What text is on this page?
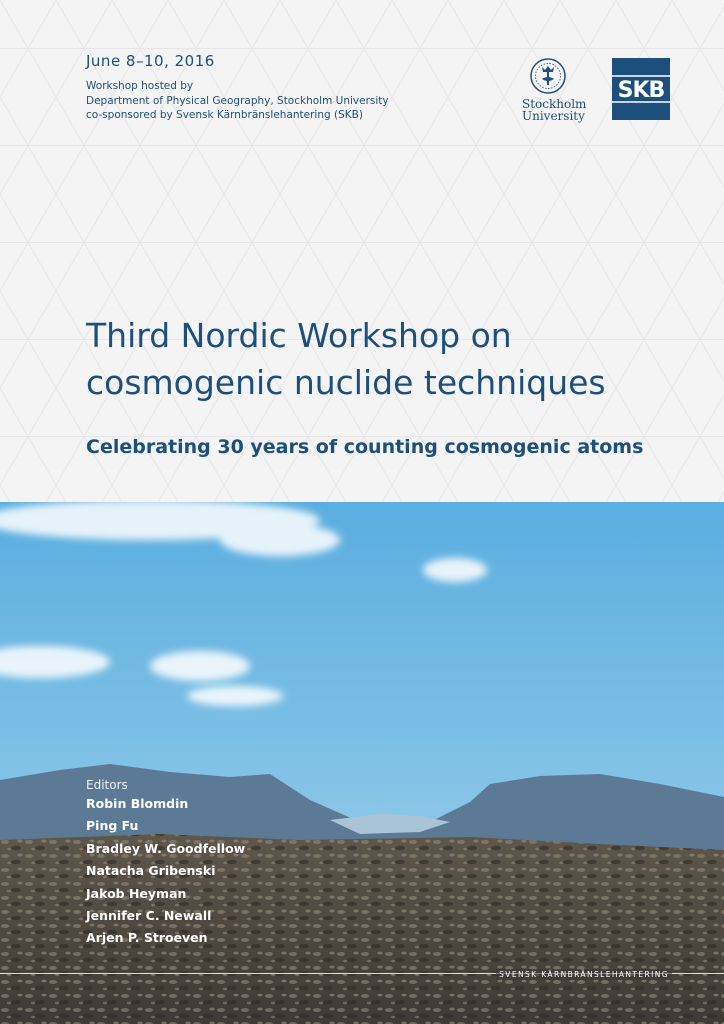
June 8–10, 2016
Workshop hosted by
Department of Physical Geography, Stockholm University
co-sponsored by Svensk Kärnbränslehantering (SKB)
Stockholm
University
SKB
Third Nordic Workshop on
cosmogenic nuclide techniques
Celebrating 30 years of counting cosmogenic atoms
Editors
Robin Blomdin
Ping Fu
Bradley W. Goodfellow
Natacha Gribenski
Jakob Heyman
Jennifer C. Newall
Arjen P. Stroeven
SVENSK KÄRNBRÄNSLEHANTERING
